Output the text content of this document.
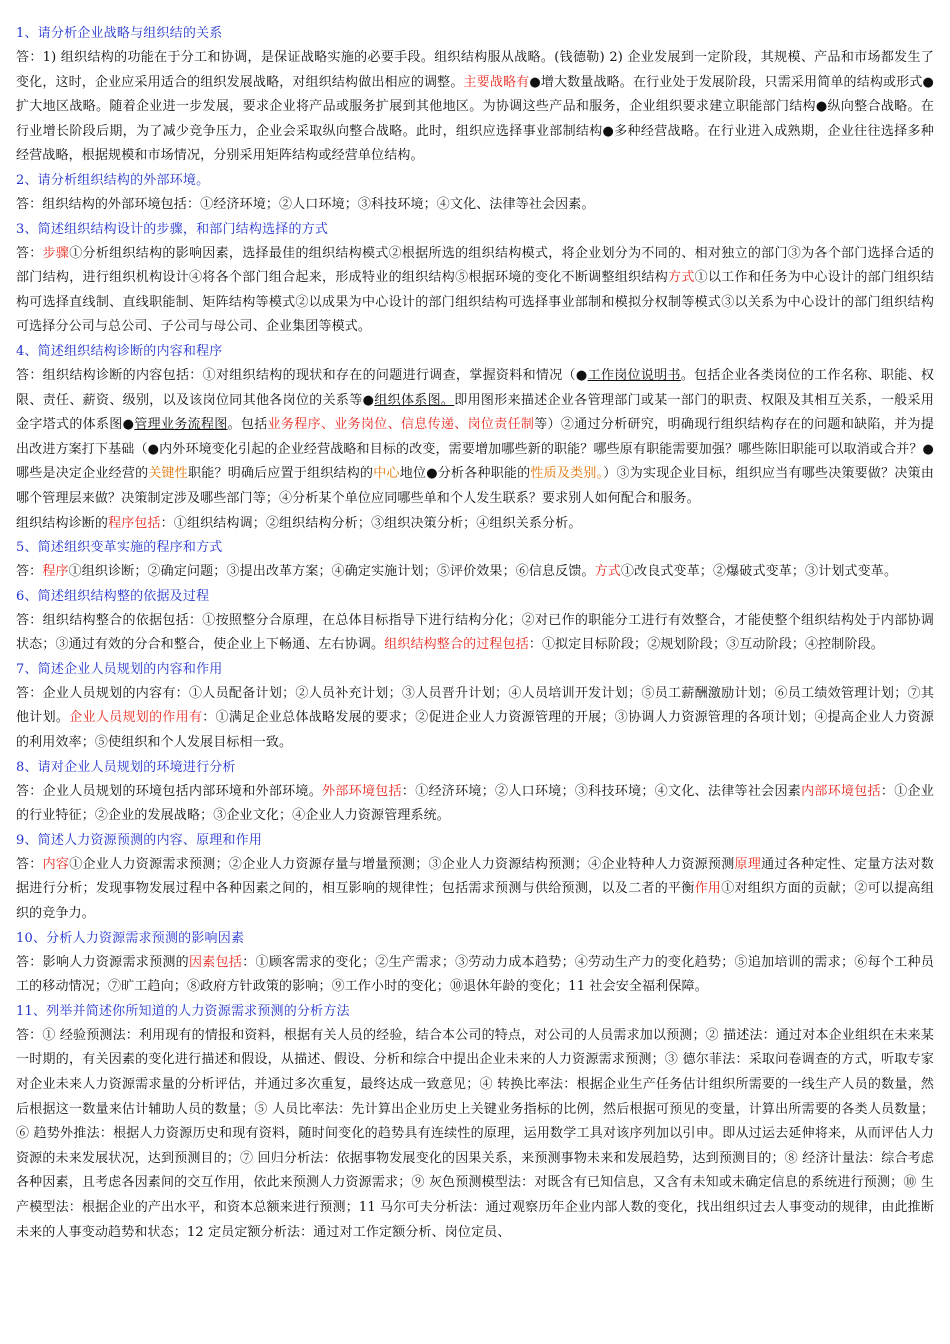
1、请分析企业战略与组织结的关系

答：1) 组织结构的功能在于分工和协调，是保证战略实施的必要手段。组织结构服从战略。(钱德勒) 2) 企业发展到一定阶段，其规模、产品和市场都发生了变化，这时，企业应采用适合的组织发展战略，对组织结构做出相应的调整。主要战略有●增大数量战略。在行业处于发展阶段，只需采用简单的结构或形式●扩大地区战略。随着企业进一步发展，要求企业将产品或服务扩展到其他地区。为协调这些产品和服务，企业组织要求建立职能部门结构●纵向整合战略。在行业增长阶段后期，为了减少竞争压力，企业会采取纵向整合战略。此时，组织应选择事业部制结构●多种经营战略。在行业进入成熟期，企业往往选择多种经营战略，根据规模和市场情况，分别采用矩阵结构或经营单位结构。

2、请分析组织结构的外部环境。

答：组织结构的外部环境包括：①经济环境；②人口环境；③科技环境；④文化、法律等社会因素。

3、简述组织结构设计的步骤，和部门结构选择的方式

答：步骤①分析组织结构的影响因素，选择最佳的组织结构模式②根据所选的组织结构模式，将企业划分为不同的、相对独立的部门③为各个部门选择合适的部门结构，进行组织机构设计④将各个部门组合起来，形成特业的组织结构⑤根据环境的变化不断调整组织结构方式①以工作和任务为中心设计的部门组织结构可选择直线制、直线职能制、矩阵结构等模式②以成果为中心设计的部门组织结构可选择事业部制和模拟分权制等模式③以关系为中心设计的部门组织结构可选择分公司与总公司、子公司与母公司、企业集团等模式。

4、简述组织结构诊断的内容和程序

答：组织结构诊断的内容包括：①对组织结构的现状和存在的问题进行调查，掌握资料和情况（●工作岗位说明书。包括企业各类岗位的工作名称、职能、权限、责任、薪资、级别，以及该岗位同其他各岗位的关系等●组织体系图。即用图形来描述企业各管理部门或某一部门的职责、权限及其相互关系，一般采用金字塔式的体系图●管理业务流程图。包括业务程序、业务岗位、信息传递、岗位责任制等）②通过分析研究，明确现行组织结构存在的问题和缺陷，并为提出改进方案打下基础（●内外环境变化引起的企业经营战略和目标的改变，需要增加哪些新的职能？哪些原有职能需要加强？哪些陈旧职能可以取消或合并？●哪些是决定企业经营的关键性职能？明确后应置于组织结构的中心地位●分析各种职能的性质及类别。）③为实现企业目标，组织应当有哪些决策要做？决策由哪个管理层来做？决策制定涉及哪些部门等；④分析某个单位应同哪些单和个人发生联系？要求别人如何配合和服务。

组织结构诊断的程序包括：①组织结构调；②组织结构分析；③组织决策分析；④组织关系分析。

5、简述组织变革实施的程序和方式

答：程序①组织诊断；②确定问题；③提出改革方案；④确定实施计划；⑤评价效果；⑥信息反馈。方式①改良式变革；②爆破式变革；③计划式变革。

6、简述组织结构整的依据及过程

答：组织结构整合的依据包括：①按照整分合原理，在总体目标指导下进行结构分化；②对已作的职能分工进行有效整合，才能使整个组织结构处于内部协调状态；③通过有效的分合和整合，使企业上下畅通、左右协调。组织结构整合的过程包括：①拟定目标阶段；②规划阶段；③互动阶段；④控制阶段。

7、简述企业人员规划的内容和作用

答：企业人员规划的内容有：①人员配备计划；②人员补充计划；③人员晋升计划；④人员培训开发计划；⑤员工薪酬激励计划；⑥员工绩效管理计划；⑦其他计划。企业人员规划的作用有：①满足企业总体战略发展的要求；②促进企业人力资源管理的开展；③协调人力资源管理的各项计划；④提高企业人力资源的利用效率；⑤使组织和个人发展目标相一致。

8、请对企业人员规划的环境进行分析

答：企业人员规划的环境包括内部环境和外部环境。外部环境包括：①经济环境；②人口环境；③科技环境；④文化、法律等社会因素内部环境包括：①企业的行业特征；②企业的发展战略；③企业文化；④企业人力资源管理系统。

9、简述人力资源预测的内容、原理和作用

答：内容①企业人力资源需求预测；②企业人力资源存量与增量预测；③企业人力资源结构预测；④企业特种人力资源预测原理通过各种定性、定量方法对数据进行分析；发现事物发展过程中各种因素之间的，相互影响的规律性；包括需求预测与供给预测，以及二者的平衡作用①对组织方面的贡献；②可以提高组织的竞争力。

10、分析人力资源需求预测的影响因素

答：影响人力资源需求预测的因素包括：①顾客需求的变化；②生产需求；③劳动力成本趋势；④劳动生产力的变化趋势；⑤追加培训的需求；⑥每个工种员工的移动情况；⑦旷工趋向；⑧政府方针政策的影响；⑨工作小时的变化；⑩退休年龄的变化；11 社会安全福利保障。

11、列举并简述你所知道的人力资源需求预测的分析方法

答：① 经验预测法：利用现有的情报和资料，根据有关人员的经验，结合本公司的特点，对公司的人员需求加以预测；② 描述法：通过对本企业组织在未来某一时期的，有关因素的变化进行描述和假设，从描述、假设、分析和综合中提出企业未来的人力资源需求预测；③ 德尔菲法：采取问卷调查的方式，听取专家对企业未来人力资源需求量的分析评估，并通过多次重复，最终达成一致意见；④ 转换比率法：根据企业生产任务估计组织所需要的一线生产人员的数量，然后根据这一数量来估计辅助人员的数量；⑤ 人员比率法：先计算出企业历史上关键业务指标的比例，然后根据可预见的变量，计算出所需要的各类人员数量；⑥ 趋势外推法：根据人力资源历史和现有资料，随时间变化的趋势具有连续性的原理，运用数学工具对该序列加以引申。即从过运去延伸将来，从而评估人力资源的未来发展状况，达到预测目的；⑦ 回归分析法：依据事物发展变化的因果关系，来预测事物未来和发展趋势，达到预测目的；⑧ 经济计量法：综合考虑各种因素，且考虑各因素间的交互作用，依此来预测人力资源需求；⑨ 灰色预测模型法：对既含有已知信息，又含有未知或未确定信息的系统进行预测；⑩ 生产模型法：根据企业的产出水平，和资本总额来进行预测；11 马尔可夫分析法：通过观察历年企业内部人数的变化，找出组织过去人事变动的规律，由此推断未来的人事变动趋势和状态；12 定员定额分析法：通过对工作定额分析、岗位定员、
